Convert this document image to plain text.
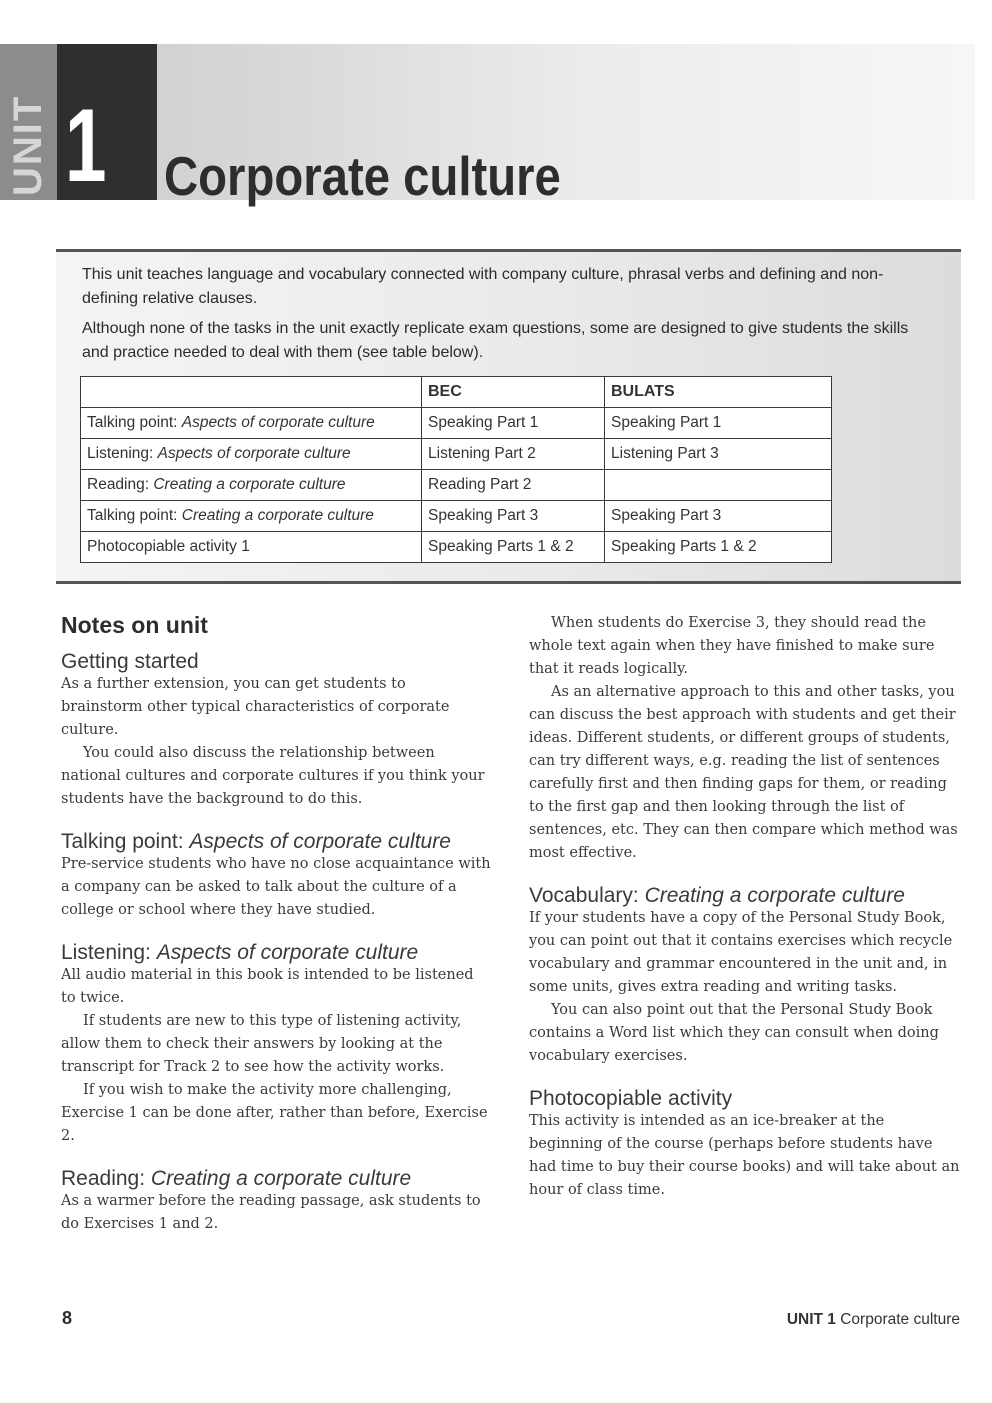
UNIT 1 Corporate culture

This unit teaches language and vocabulary connected with company culture, phrasal verbs and defining and non-defining relative clauses.

Although none of the tasks in the unit exactly replicate exam questions, some are designed to give students the skills and practice needed to deal with them (see table below).

	BEC	BULATS
Talking point: Aspects of corporate culture	Speaking Part 1	Speaking Part 1
Listening: Aspects of corporate culture	Listening Part 2	Listening Part 3
Reading: Creating a corporate culture	Reading Part 2	
Talking point: Creating a corporate culture	Speaking Part 3	Speaking Part 3
Photocopiable activity 1	Speaking Parts 1 & 2	Speaking Parts 1 & 2
Notes on unit
Getting started

As a further extension, you can get students to brainstorm other typical characteristics of corporate culture.

You could also discuss the relationship between national cultures and corporate cultures if you think your students have the background to do this.

Talking point: Aspects of corporate culture

Pre-service students who have no close acquaintance with a company can be asked to talk about the culture of a college or school where they have studied.

Listening: Aspects of corporate culture

All audio material in this book is intended to be listened to twice.

If students are new to this type of listening activity, allow them to check their answers by looking at the transcript for Track 2 to see how the activity works.

If you wish to make the activity more challenging, Exercise 1 can be done after, rather than before, Exercise 2.

Reading: Creating a corporate culture

As a warmer before the reading passage, ask students to do Exercises 1 and 2.

When students do Exercise 3, they should read the whole text again when they have finished to make sure that it reads logically.

As an alternative approach to this and other tasks, you can discuss the best approach with students and get their ideas. Different students, or different groups of students, can try different ways, e.g. reading the list of sentences carefully first and then finding gaps for them, or reading to the first gap and then looking through the list of sentences, etc. They can then compare which method was most effective.

Vocabulary: Creating a corporate culture

If your students have a copy of the Personal Study Book, you can point out that it contains exercises which recycle vocabulary and grammar encountered in the unit and, in some units, gives extra reading and writing tasks.

You can also point out that the Personal Study Book contains a Word list which they can consult when doing vocabulary exercises.

Photocopiable activity

This activity is intended as an ice-breaker at the beginning of the course (perhaps before students have had time to buy their course books) and will take about an hour of class time.

8	UNIT 1 Corporate culture
